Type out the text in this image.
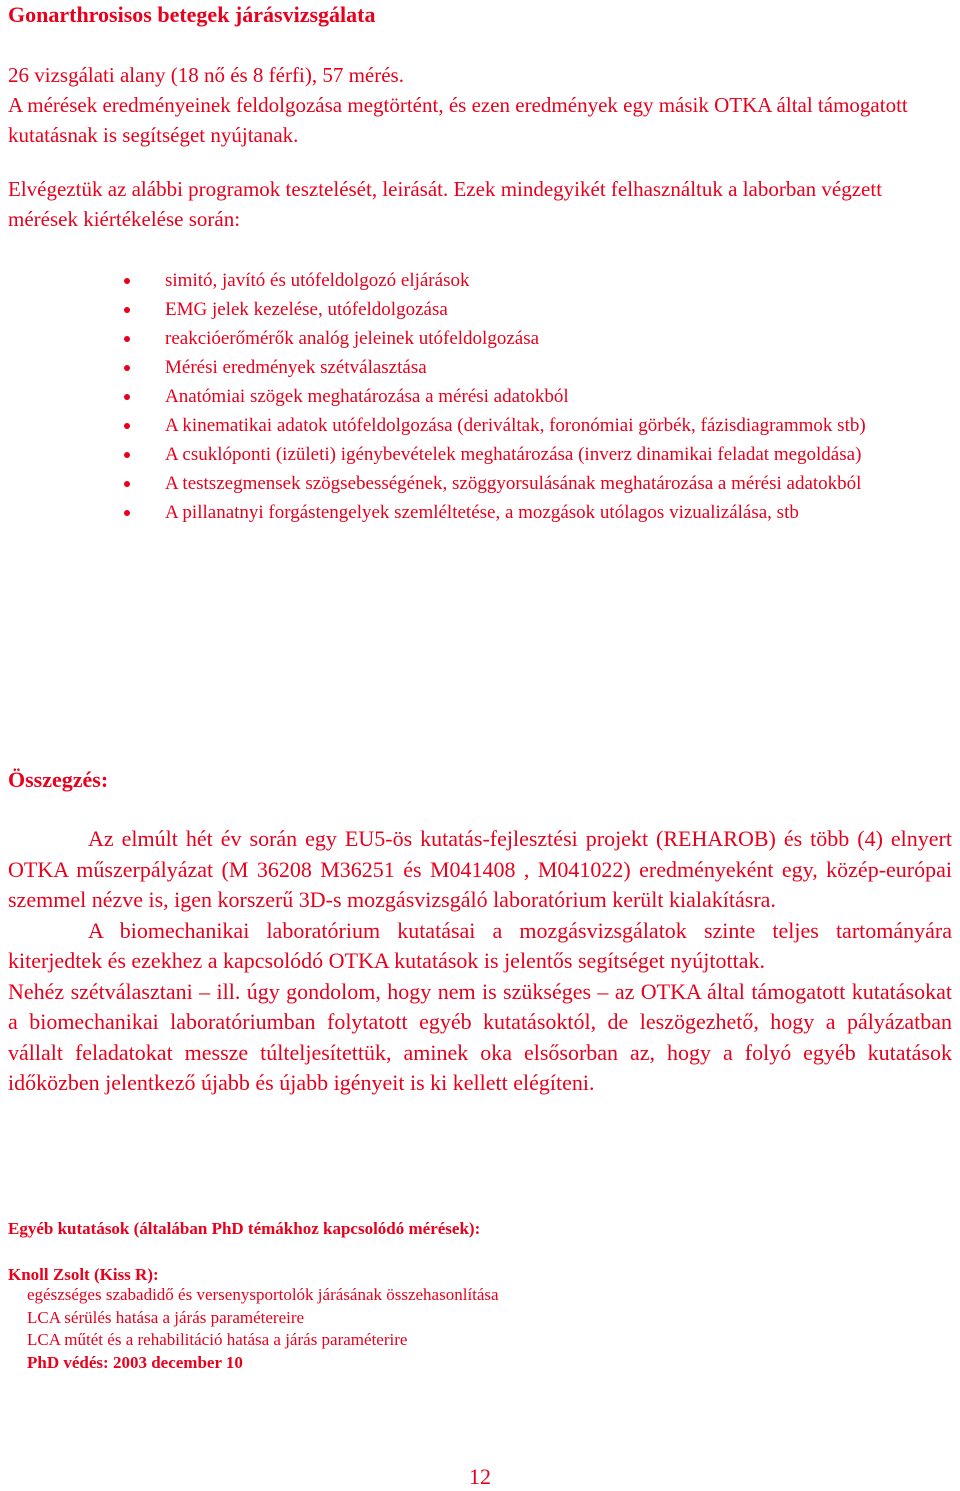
Gonarthrosisos betegek járásvizsgálata

26 vizsgálati alany (18 nő és 8 férfi), 57 mérés.

A mérések eredményeinek feldolgozása megtörtént, és ezen eredmények egy másik OTKA által támogatott kutatásnak is segítséget nyújtanak.

Elvégeztük az alábbi programok tesztelését, leirását. Ezek mindegyikét felhasználtuk a laborban végzett mérések kiértékelése során:

simitó, javító és utófeldolgozó eljárások
EMG jelek kezelése, utófeldolgozása
reakcióerőmérők analóg jeleinek utófeldolgozása
Mérési eredmények szétválasztása
Anatómiai szögek meghatározása a mérési adatokból
A kinematikai adatok utófeldolgozása (deriváltak, foronómiai görbék, fázisdiagrammok stb)
A csuklóponti (izületi) igénybevételek meghatározása (inverz dinamikai feladat megoldása)
A testszegmensek szögsebességének, szöggyorsulásának meghatározása a mérési adatokból
A pillanatnyi forgástengelyek szemléltetése, a mozgások utólagos vizualizálása, stb
Összegzés:

Az elmúlt hét év során egy EU5-ös kutatás-fejlesztési projekt (REHAROB) és több (4) elnyert OTKA műszerpályázat (M 36208 M36251 és M041408 , M041022) eredményeként egy, közép-európai szemmel nézve is, igen korszerű 3D-s mozgásvizsgáló laboratórium került kialakításra.

A biomechanikai laboratórium kutatásai a mozgásvizsgálatok szinte teljes tartományára kiterjedtek és ezekhez a kapcsolódó OTKA kutatások is jelentős segítséget nyújtottak.

Nehéz szétválasztani – ill. úgy gondolom, hogy nem is szükséges – az OTKA által támogatott kutatásokat a biomechanikai laboratóriumban folytatott egyéb kutatásoktól, de leszögezhető, hogy a pályázatban vállalt feladatokat messze túlteljesítettük, aminek oka elsősorban az, hogy a folyó egyéb kutatások időközben jelentkező újabb és újabb igényeit is ki kellett elégíteni.

Egyéb kutatások (általában PhD témákhoz kapcsolódó mérések):
Knoll Zsolt (Kiss R):
egészséges szabadidő és versenysportolók járásának összehasonlítása
LCA sérülés hatása a járás paramétereire
LCA műtét és a rehabilitáció hatása a járás paraméterire
PhD védés: 2003 december 10
12
